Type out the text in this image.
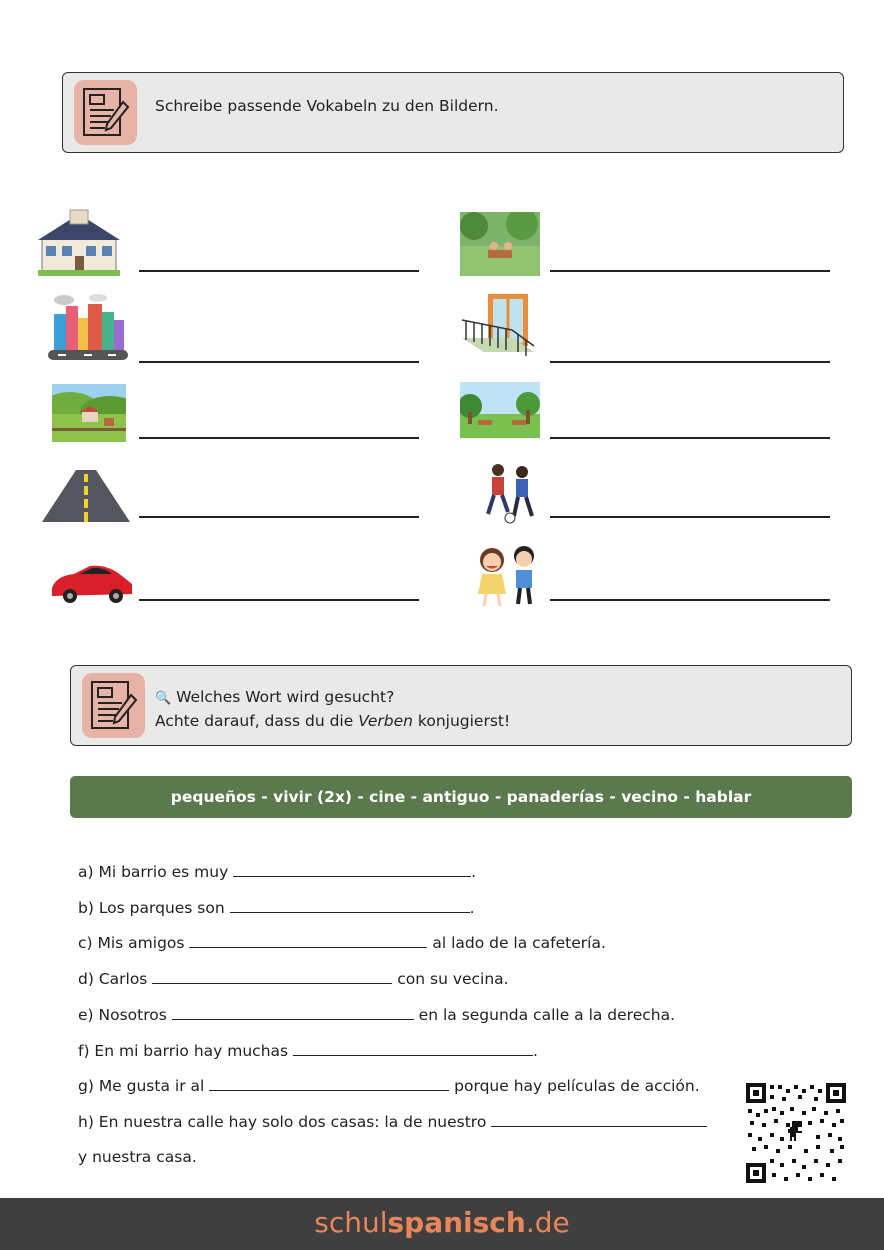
Schreibe passende Vokabeln zu den Bildern.
🔍 Welches Wort wird gesucht?
Achte darauf, dass du die Verben konjugierst!
pequeños - vivir (2x) - cine - antiguo - panaderías - vecino - hablar
a) Mi barrio es muy	.
b) Los parques son	.
c) Mis amigos	al lado de la cafetería.
d) Carlos	con su vecina.
e) Nosotros	en la segunda calle a la derecha.
f) En mi barrio hay muchas	.
g) Me gusta ir al	porque hay películas de acción.
h) En nuestra calle hay solo dos casas: la de nuestro
y nuestra casa.
schulspanisch.de
